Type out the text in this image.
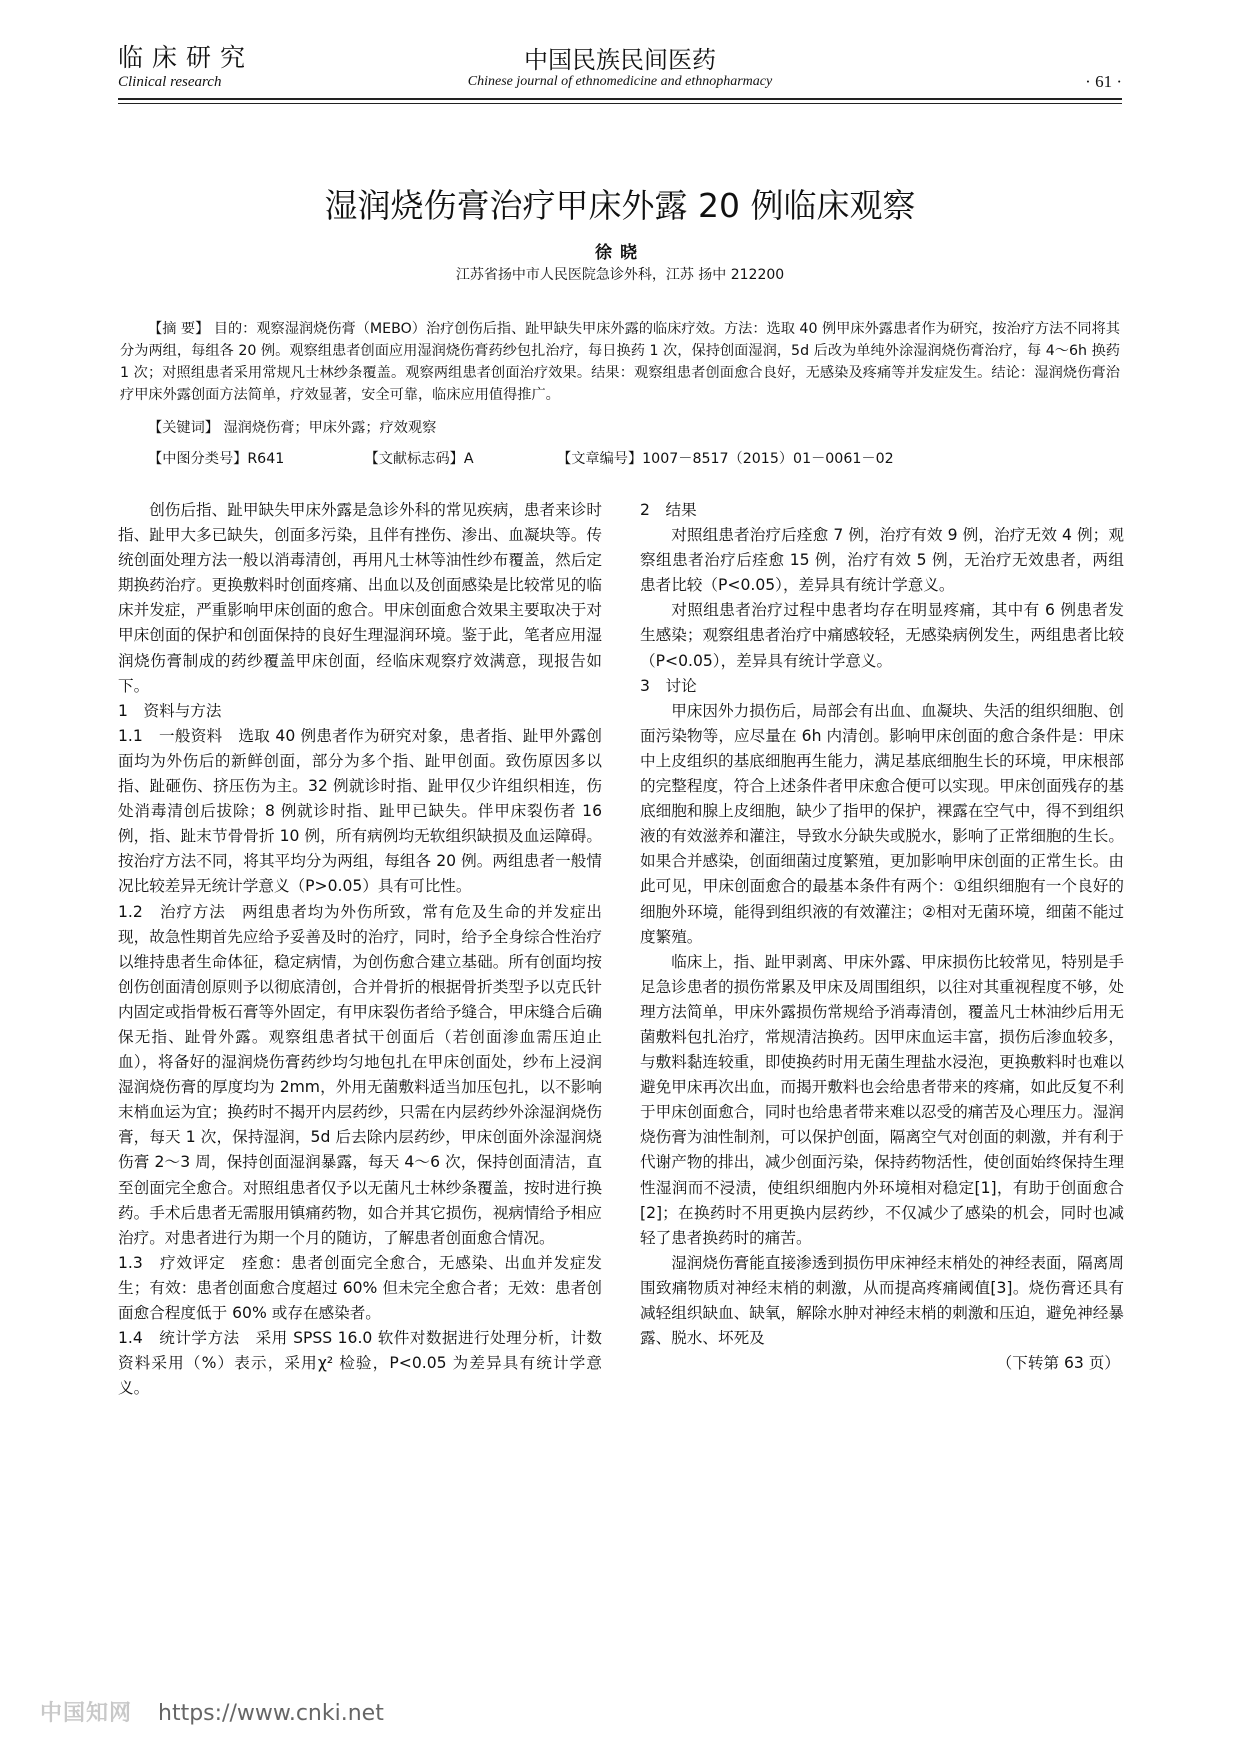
临床研究
Clinical research
中国民族民间医药
Chinese journal of ethnomedicine and ethnopharmacy	· 61 ·
湿润烧伤膏治疗甲床外露 20 例临床观察
徐晓
江苏省扬中市人民医院急诊外科，江苏 扬中 212200
【摘 要】 目的：观察湿润烧伤膏（MEBO）治疗创伤后指、趾甲缺失甲床外露的临床疗效。方法：选取 40 例甲床外露患者作为研究，按治疗方法不同将其分为两组，每组各 20 例。观察组患者创面应用湿润烧伤膏药纱包扎治疗，每日换药 1 次，保持创面湿润，5d 后改为单纯外涂湿润烧伤膏治疗，每 4～6h 换药 1 次；对照组患者采用常规凡士林纱条覆盖。观察两组患者创面治疗效果。结果：观察组患者创面愈合良好，无感染及疼痛等并发症发生。结论：湿润烧伤膏治疗甲床外露创面方法简单，疗效显著，安全可靠，临床应用值得推广。
【关键词】 湿润烧伤膏；甲床外露；疗效观察
【中图分类号】R641	【文献标志码】A	【文章编号】1007－8517（2015）01－0061－02

创伤后指、趾甲缺失甲床外露是急诊外科的常见疾病，患者来诊时指、趾甲大多已缺失，创面多污染，且伴有挫伤、渗出、血凝块等。传统创面处理方法一般以消毒清创，再用凡士林等油性纱布覆盖，然后定期换药治疗。更换敷料时创面疼痛、出血以及创面感染是比较常见的临床并发症，严重影响甲床创面的愈合。甲床创面愈合效果主要取决于对甲床创面的保护和创面保持的良好生理湿润环境。鉴于此，笔者应用湿润烧伤膏制成的药纱覆盖甲床创面，经临床观察疗效满意，现报告如下。

1　资料与方法

1.1　一般资料　选取 40 例患者作为研究对象，患者指、趾甲外露创面均为外伤后的新鲜创面，部分为多个指、趾甲创面。致伤原因多以指、趾砸伤、挤压伤为主。32 例就诊时指、趾甲仅少许组织相连，伤处消毒清创后拔除；8 例就诊时指、趾甲已缺失。伴甲床裂伤者 16 例，指、趾末节骨骨折 10 例，所有病例均无软组织缺损及血运障碍。按治疗方法不同，将其平均分为两组，每组各 20 例。两组患者一般情况比较差异无统计学意义（P>0.05）具有可比性。

1.2　治疗方法　两组患者均为外伤所致，常有危及生命的并发症出现，故急性期首先应给予妥善及时的治疗，同时，给予全身综合性治疗以维持患者生命体征，稳定病情，为创伤愈合建立基础。所有创面均按创伤创面清创原则予以彻底清创，合并骨折的根据骨折类型予以克氏针内固定或指骨板石膏等外固定，有甲床裂伤者给予缝合，甲床缝合后确保无指、趾骨外露。观察组患者拭干创面后（若创面渗血需压迫止血），将备好的湿润烧伤膏药纱均匀地包扎在甲床创面处，纱布上浸润湿润烧伤膏的厚度均为 2mm，外用无菌敷料适当加压包扎，以不影响末梢血运为宜；换药时不揭开内层药纱，只需在内层药纱外涂湿润烧伤膏，每天 1 次，保持湿润，5d 后去除内层药纱，甲床创面外涂湿润烧伤膏 2～3 周，保持创面湿润暴露，每天 4～6 次，保持创面清洁，直至创面完全愈合。对照组患者仅予以无菌凡士林纱条覆盖，按时进行换药。手术后患者无需服用镇痛药物，如合并其它损伤，视病情给予相应治疗。对患者进行为期一个月的随访，了解患者创面愈合情况。

1.3　疗效评定　痊愈：患者创面完全愈合，无感染、出血并发症发生；有效：患者创面愈合度超过 60% 但未完全愈合者；无效：患者创面愈合程度低于 60% 或存在感染者。

1.4　统计学方法　采用 SPSS 16.0 软件对数据进行处理分析，计数资料采用（%）表示，采用χ² 检验，P<0.05 为差异具有统计学意义。

2　结果

对照组患者治疗后痊愈 7 例，治疗有效 9 例，治疗无效 4 例；观察组患者治疗后痊愈 15 例，治疗有效 5 例，无治疗无效患者，两组患者比较（P<0.05），差异具有统计学意义。

对照组患者治疗过程中患者均存在明显疼痛，其中有 6 例患者发生感染；观察组患者治疗中痛感较轻，无感染病例发生，两组患者比较（P<0.05），差异具有统计学意义。

3　讨论

甲床因外力损伤后，局部会有出血、血凝块、失活的组织细胞、创面污染物等，应尽量在 6h 内清创。影响甲床创面的愈合条件是：甲床中上皮组织的基底细胞再生能力，满足基底细胞生长的环境，甲床根部的完整程度，符合上述条件者甲床愈合便可以实现。甲床创面残存的基底细胞和腺上皮细胞，缺少了指甲的保护，裸露在空气中，得不到组织液的有效滋养和灌注，导致水分缺失或脱水，影响了正常细胞的生长。如果合并感染，创面细菌过度繁殖，更加影响甲床创面的正常生长。由此可见，甲床创面愈合的最基本条件有两个：①组织细胞有一个良好的细胞外环境，能得到组织液的有效灌注；②相对无菌环境，细菌不能过度繁殖。

临床上，指、趾甲剥离、甲床外露、甲床损伤比较常见，特别是手足急诊患者的损伤常累及甲床及周围组织，以往对其重视程度不够，处理方法简单，甲床外露损伤常规给予消毒清创，覆盖凡士林油纱后用无菌敷料包扎治疗，常规清洁换药。因甲床血运丰富，损伤后渗血较多，与敷料黏连较重，即使换药时用无菌生理盐水浸泡，更换敷料时也难以避免甲床再次出血，而揭开敷料也会给患者带来的疼痛，如此反复不利于甲床创面愈合，同时也给患者带来难以忍受的痛苦及心理压力。湿润烧伤膏为油性制剂，可以保护创面，隔离空气对创面的刺激，并有利于代谢产物的排出，减少创面污染，保持药物活性，使创面始终保持生理性湿润而不浸渍，使组织细胞内外环境相对稳定[1]，有助于创面愈合[2]；在换药时不用更换内层药纱，不仅减少了感染的机会，同时也减轻了患者换药时的痛苦。

湿润烧伤膏能直接渗透到损伤甲床神经末梢处的神经表面，隔离周围致痛物质对神经末梢的刺激，从而提高疼痛阈值[3]。烧伤膏还具有减轻组织缺血、缺氧，解除水肿对神经末梢的刺激和压迫，避免神经暴露、脱水、坏死及

（下转第 63 页）

中国知网 https://www.cnki.net
